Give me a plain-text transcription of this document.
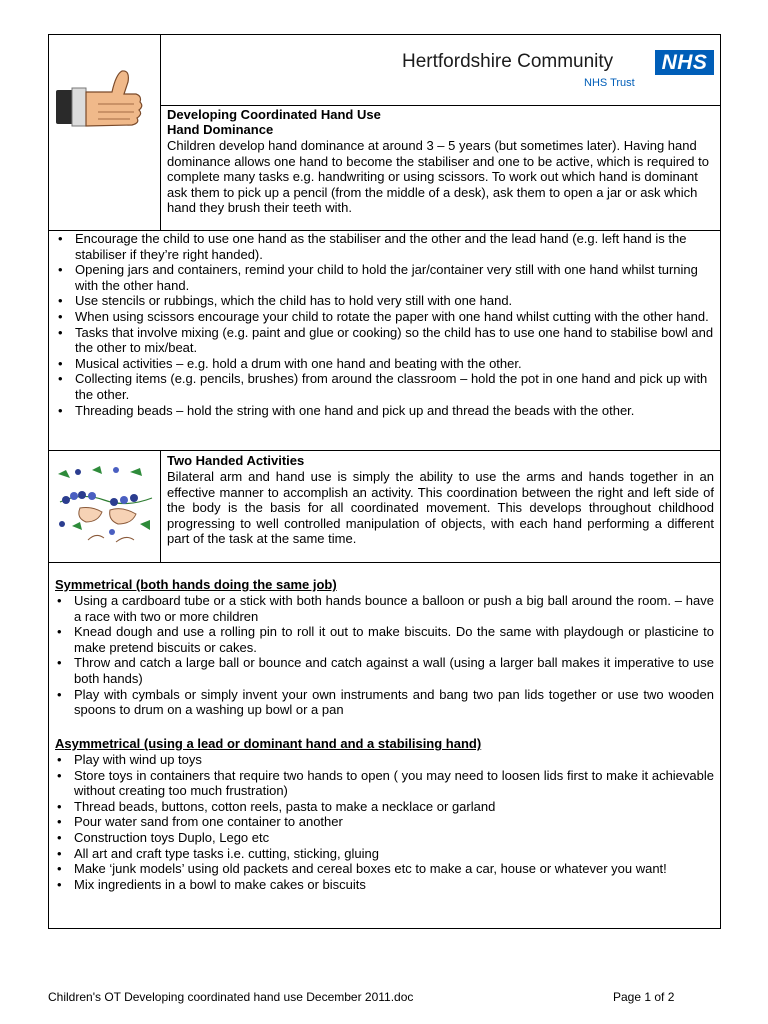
Hertfordshire Community	NHS
NHS Trust
Developing Coordinated Hand Use
Hand Dominance
Children develop hand dominance at around 3 – 5 years (but sometimes later). Having hand dominance allows one hand to become the stabiliser and one to be active, which is required to complete many tasks e.g. handwriting or using scissors. To work out which hand is dominant ask them to pick up a pencil (from the middle of a desk), ask them to open a jar or ask which hand they brush their teeth with.
• Encourage the child to use one hand as the stabiliser and the other and the lead hand (e.g. left hand is the stabiliser if they’re right handed).
• Opening jars and containers, remind your child to hold the jar/container very still with one hand whilst turning with the other hand.
• Use stencils or rubbings, which the child has to hold very still with one hand.
• When using scissors encourage your child to rotate the paper with one hand whilst cutting with the other hand.
• Tasks that involve mixing (e.g. paint and glue or cooking) so the child has to use one hand to stabilise bowl and the other to mix/beat.
• Musical activities – e.g. hold a drum with one hand and beating with the other.
• Collecting items (e.g. pencils, brushes) from around the classroom – hold the pot in one hand and pick up with the other.
• Threading beads – hold the string with one hand and pick up and thread the beads with the other.
Two Handed Activities
Bilateral arm and hand use is simply the ability to use the arms and hands together in an effective manner to accomplish an activity. This coordination between the right and left side of the body is the basis for all coordinated movement. This develops throughout childhood progressing to well controlled manipulation of objects, with each hand performing a different part of the task at the same time.
Symmetrical (both hands doing the same job)
• Using a cardboard tube or a stick with both hands bounce a balloon or push a big ball around the room. – have a race with two or more children
• Knead dough and use a rolling pin to roll it out to make biscuits. Do the same with playdough or plasticine to make pretend biscuits or cakes.
• Throw and catch a large ball or bounce and catch against a wall (using a larger ball makes it imperative to use both hands)
• Play with cymbals or simply invent your own instruments and bang two pan lids together or use two wooden spoons to drum on a washing up bowl or a pan
Asymmetrical (using a lead or dominant hand and a stabilising hand)
• Play with wind up toys
• Store toys in containers that require two hands to open ( you may need to loosen lids first to make it achievable without creating too much frustration)
• Thread beads, buttons, cotton reels, pasta to make a necklace or garland
• Pour water sand from one container to another
• Construction toys Duplo, Lego etc
• All art and craft type tasks i.e. cutting, sticking, gluing
• Make ‘junk models’ using old packets and cereal boxes etc to make a car, house or whatever you want!
• Mix ingredients in a bowl to make cakes or biscuits
Children's OT Developing coordinated hand use December 2011.doc	Page 1 of 2
